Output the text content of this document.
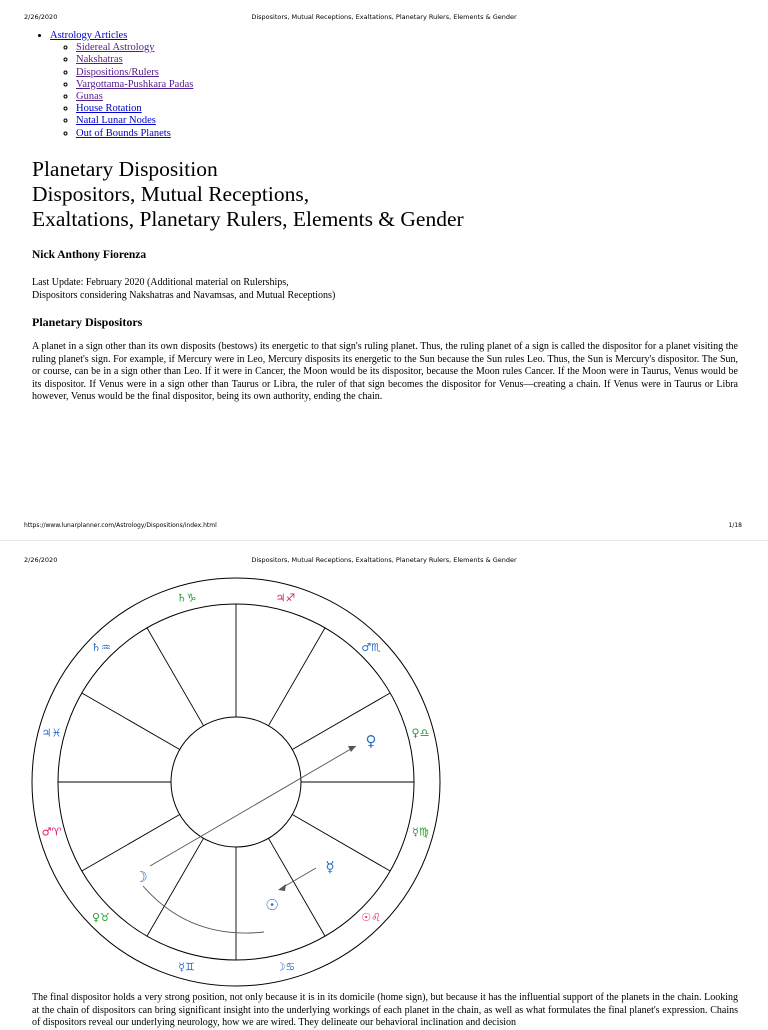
2/26/2020	Dispositors, Mutual Receptions, Exaltations, Planetary Rulers, Elements & Gender
• Astrology Articles
◦ Sidereal Astrology
◦ Nakshatras
◦ Dispositions/Rulers
◦ Vargottama-Pushkara Padas
◦ Gunas
◦ House Rotation
◦ Natal Lunar Nodes
◦ Out of Bounds Planets
Planetary Disposition
Dispositors, Mutual Receptions,
Exaltations, Planetary Rulers, Elements & Gender
Nick Anthony Fiorenza
Last Update: February 2020 (Additional material on Rulerships,
Dispositors considering Nakshatras and Navamsas, and Mutual Receptions)
Planetary Dispositors

A planet in a sign other than its own disposits (bestows) its energetic to that sign's ruling planet. Thus, the ruling planet of a sign is called the dispositor for a planet visiting the ruling planet's sign. For example, if Mercury were in Leo, Mercury disposits its energetic to the Sun because the Sun rules Leo. Thus, the Sun is Mercury's dispositor. The Sun, or course, can be in a sign other than Leo. If it were in Cancer, the Moon would be its dispositor, because the Moon rules Cancer. If the Moon were in Taurus, Venus would be its dispositor. If Venus were in a sign other than Taurus or Libra, the ruler of that sign becomes the dispositor for Venus—creating a chain. If Venus were in Taurus or Libra however, Venus would be the final dispositor, being its own authority, ending the chain.

https://www.lunarplanner.com/Astrology/Dispositions/index.html	1/18
2/26/2020	Dispositors, Mutual Receptions, Exaltations, Planetary Rulers, Elements & Gender
♄♑	♃♐
♂♏
♀♎
☿♍
☉♌
☽♋
☿♊
♀♉
♂♈
♃♓
♄♒
♀
☿
☉
☽

The final dispositor holds a very strong position, not only because it is in its domicile (home sign), but because it has the influential support of the planets in the chain. Looking at the chain of dispositors can bring significant insight into the underlying workings of each planet in the chain, as well as what formulates the final planet's expression. Chains of dispositors reveal our underlying neurology, how we are wired. They delineate our behavioral inclination and decision
